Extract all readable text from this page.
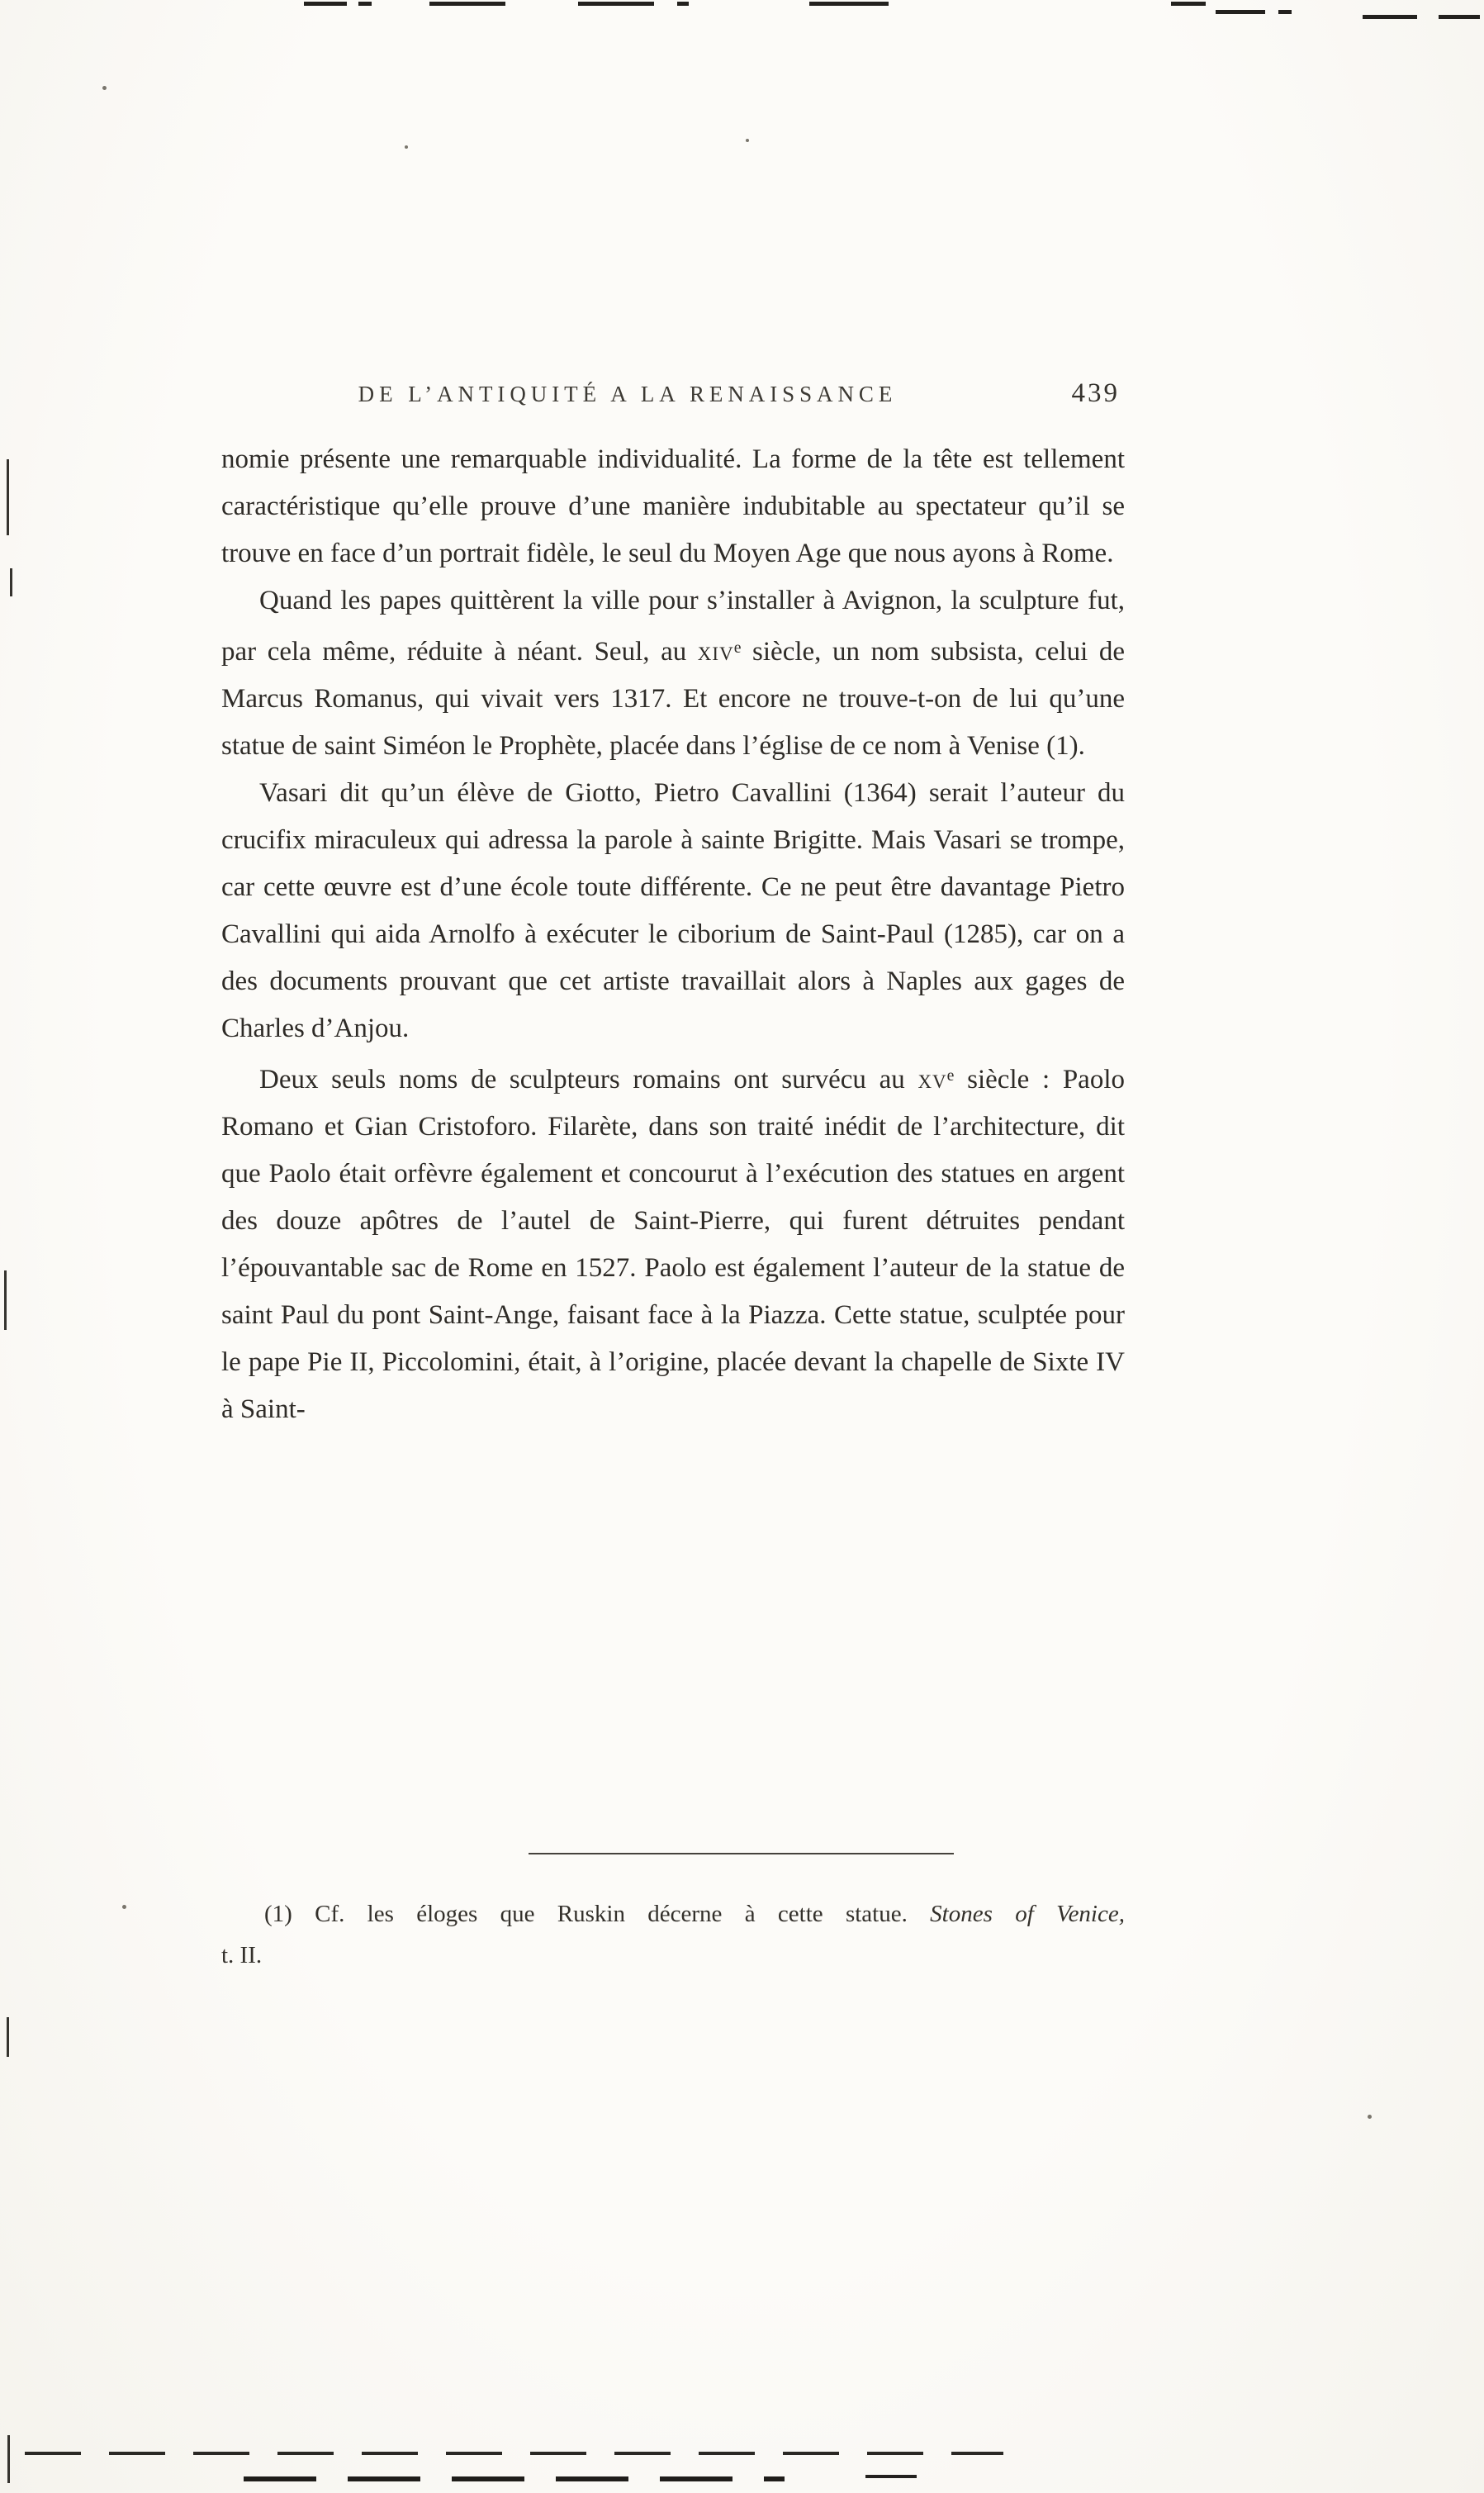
DE L’ANTIQUITÉ A LA RENAISSANCE	439

nomie présente une remarquable individualité. La forme de la tête est tellement caractéristique qu’elle prouve d’une manière indubitable au spectateur qu’il se trouve en face d’un portrait fidèle, le seul du Moyen Age que nous ayons à Rome.

Quand les papes quittèrent la ville pour s’installer à Avignon, la sculpture fut, par cela même, réduite à néant. Seul, au xiv$^e$ siècle, un nom subsista, celui de Marcus Romanus, qui vivait vers 1317. Et encore ne trouve-t-on de lui qu’une statue de saint Siméon le Prophète, placée dans l’église de ce nom à Venise (1).

Vasari dit qu’un élève de Giotto, Pietro Cavallini (1364) serait l’auteur du crucifix miraculeux qui adressa la parole à sainte Brigitte. Mais Vasari se trompe, car cette œuvre est d’une école toute différente. Ce ne peut être davantage Pietro Cavallini qui aida Arnolfo à exécuter le ciborium de Saint-Paul (1285), car on a des documents prouvant que cet artiste travaillait alors à Naples aux gages de Charles d’Anjou.

Deux seuls noms de sculpteurs romains ont survécu au $xv^e$ siècle : Paolo Romano et Gian Cristoforo. Filarète, dans son traité inédit de l’architecture, dit que Paolo était orfèvre également et concourut à l’exécution des statues en argent des douze apôtres de l’autel de Saint-Pierre, qui furent détruites pendant l’épouvantable sac de Rome en 1527. Paolo est également l’auteur de la statue de saint Paul du pont Saint-Ange, faisant face à la Piazza. Cette statue, sculptée pour le pape Pie II, Piccolomini, était, à l’origine, placée devant la chapelle de Sixte IV à Saint-

(1) Cf. les éloges que Ruskin décerne à cette statue. Stones of Venice,

t. II.
